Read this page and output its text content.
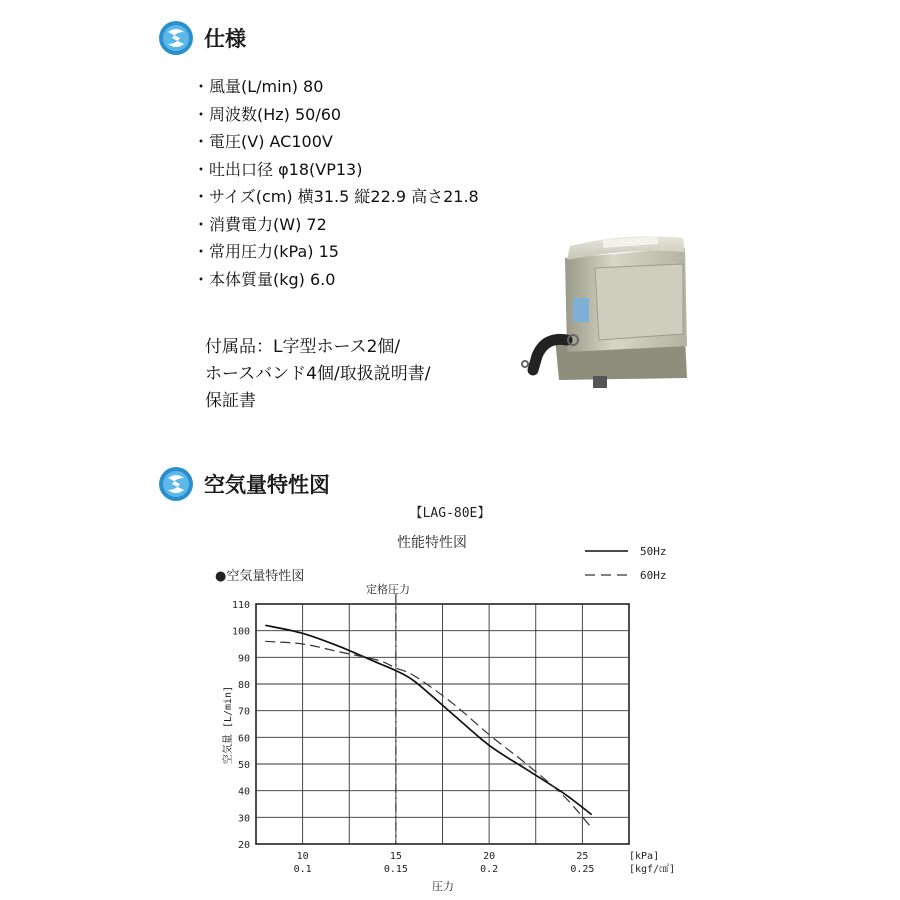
仕様
・風量(L/min) 80
・周波数(Hz) 50/60
・電圧(V) AC100V
・吐出口径 φ18(VP13)
・サイズ(cm) 横31.5 縦22.9 高さ21.8
・消費電力(W) 72
・常用圧力(kPa) 15
・本体質量(kg) 6.0
付属品：L字型ホース2個/
ホースバンド4個/取扱説明書/
保証書
空気量特性図
【LAG-80E】
性能特性図
●空気量特性図
定格圧力
50Hz
60Hz
20
30
40
50
60
70
80
90
100
110
10
0.1
15
0.15
20
0.2
25
0.25
[kPa]
[kgf/㎠]
圧力
空気量 [L/min]
